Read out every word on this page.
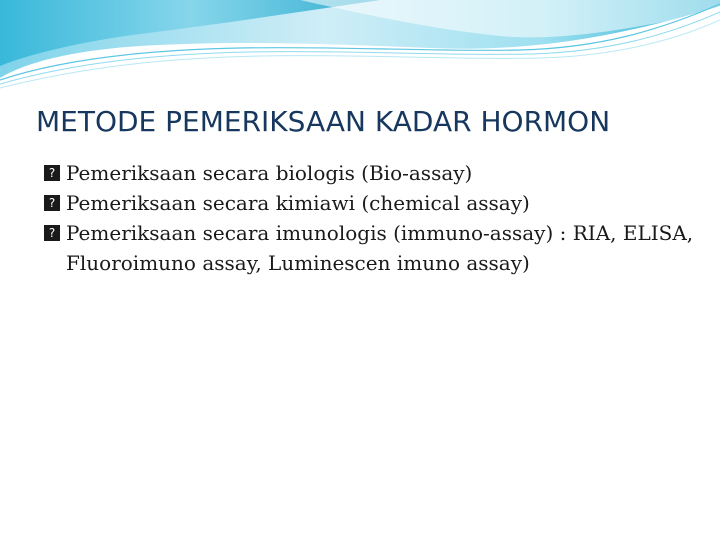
METODE PEMERIKSAAN KADAR HORMON
? Pemeriksaan secara biologis (Bio-assay)
? Pemeriksaan secara kimiawi (chemical assay)
? Pemeriksaan secara imunologis (immuno-assay) : RIA, ELISA, Fluoroimuno assay, Luminescen imuno assay)
